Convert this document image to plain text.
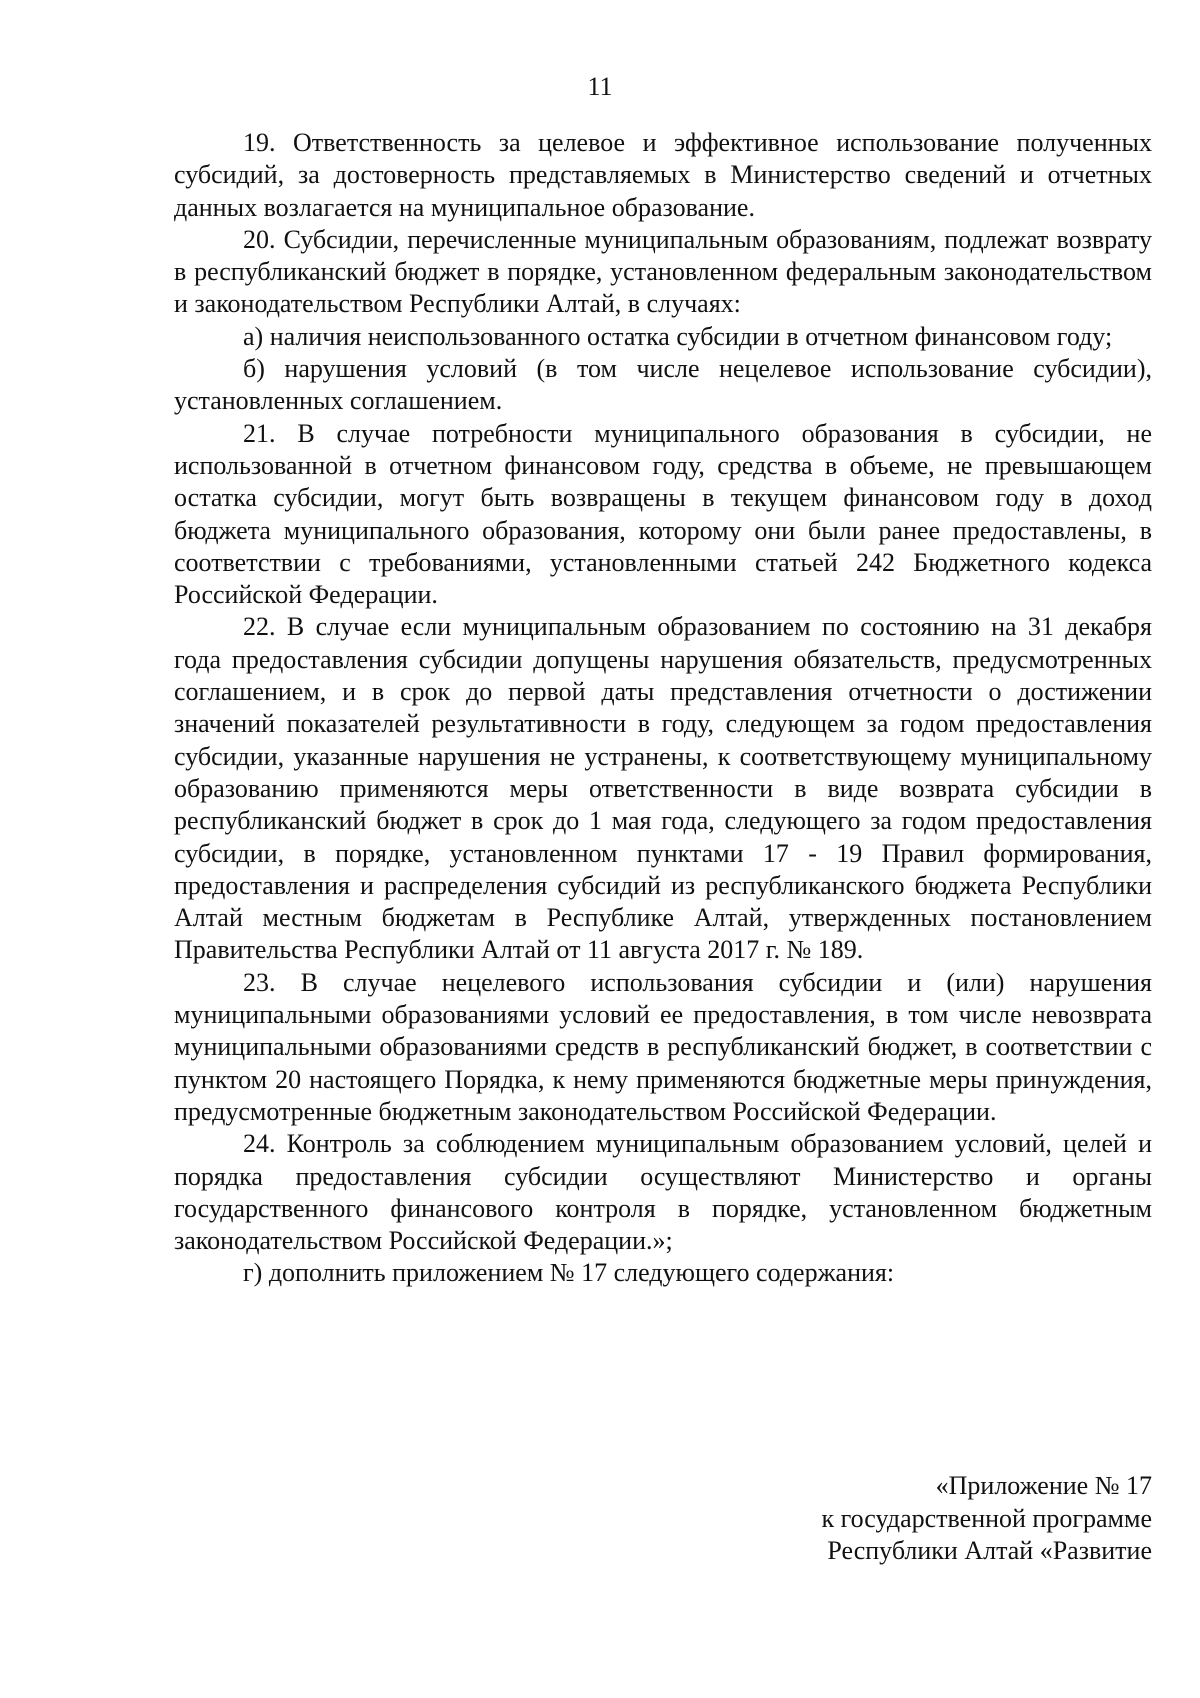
11

19. Ответственность за целевое и эффективное использование полученных субсидий, за достоверность представляемых в Министерство сведений и отчетных данных возлагается на муниципальное образование.

20. Субсидии, перечисленные муниципальным образованиям, подлежат возврату в республиканский бюджет в порядке, установленном федеральным законодательством и законодательством Республики Алтай, в случаях:

а) наличия неиспользованного остатка субсидии в отчетном финансовом году;

б) нарушения условий (в том числе нецелевое использование субсидии), установленных соглашением.

21. В случае потребности муниципального образования в субсидии, не использованной в отчетном финансовом году, средства в объеме, не превышающем остатка субсидии, могут быть возвращены в текущем финансовом году в доход бюджета муниципального образования, которому они были ранее предоставлены, в соответствии с требованиями, установленными статьей 242 Бюджетного кодекса Российской Федерации.

22. В случае если муниципальным образованием по состоянию на 31 декабря года предоставления субсидии допущены нарушения обязательств, предусмотренных соглашением, и в срок до первой даты представления отчетности о достижении значений показателей результативности в году, следующем за годом предоставления субсидии, указанные нарушения не устранены, к соответствующему муниципальному образованию применяются меры ответственности в виде возврата субсидии в республиканский бюджет в срок до 1 мая года, следующего за годом предоставления субсидии, в порядке, установленном пунктами 17 - 19 Правил формирования, предоставления и распределения субсидий из республиканского бюджета Республики Алтай местным бюджетам в Республике Алтай, утвержденных постановлением Правительства Республики Алтай от 11 августа 2017 г. № 189.

23. В случае нецелевого использования субсидии и (или) нарушения муниципальными образованиями условий ее предоставления, в том числе невозврата муниципальными образованиями средств в республиканский бюджет, в соответствии с пунктом 20 настоящего Порядка, к нему применяются бюджетные меры принуждения, предусмотренные бюджетным законодательством Российской Федерации.

24. Контроль за соблюдением муниципальным образованием условий, целей и порядка предоставления субсидии осуществляют Министерство и органы государственного финансового контроля в порядке, установленном бюджетным законодательством Российской Федерации.»;

г) дополнить приложением № 17 следующего содержания:

«Приложение № 17
к государственной программе
Республики Алтай «Развитие
